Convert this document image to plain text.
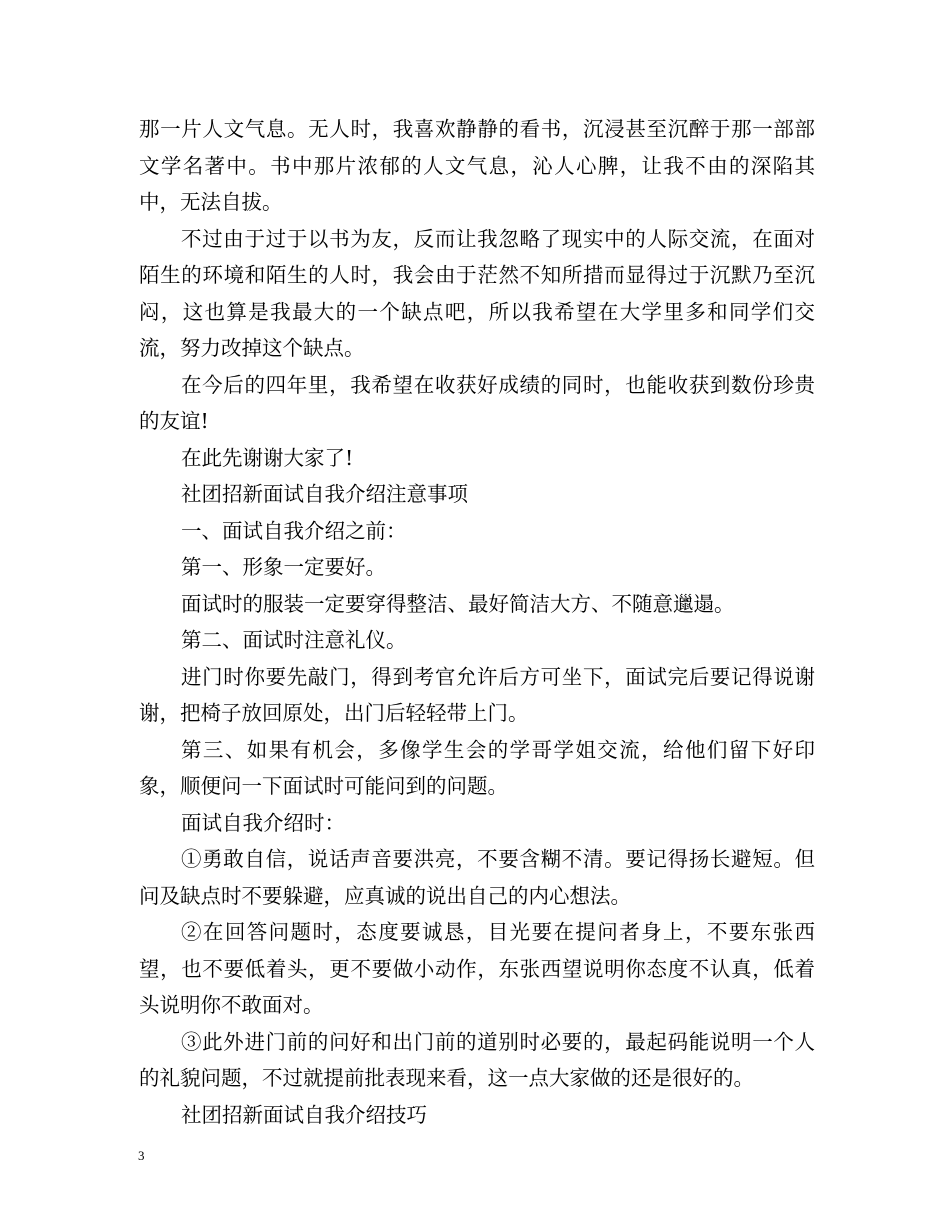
那一片人文气息。无人时，我喜欢静静的看书，沉浸甚至沉醉于那一部部文学名著中。书中那片浓郁的人文气息，沁人心脾，让我不由的深陷其中，无法自拔。

不过由于过于以书为友，反而让我忽略了现实中的人际交流，在面对陌生的环境和陌生的人时，我会由于茫然不知所措而显得过于沉默乃至沉闷，这也算是我最大的一个缺点吧，所以我希望在大学里多和同学们交流，努力改掉这个缺点。

在今后的四年里，我希望在收获好成绩的同时，也能收获到数份珍贵的友谊!

在此先谢谢大家了!

社团招新面试自我介绍注意事项

一、面试自我介绍之前：

第一、形象一定要好。

面试时的服装一定要穿得整洁、最好简洁大方、不随意邋遢。

第二、面试时注意礼仪。

进门时你要先敲门，得到考官允许后方可坐下，面试完后要记得说谢谢，把椅子放回原处，出门后轻轻带上门。

第三、如果有机会，多像学生会的学哥学姐交流，给他们留下好印象，顺便问一下面试时可能问到的问题。

面试自我介绍时：

①勇敢自信，说话声音要洪亮，不要含糊不清。要记得扬长避短。但问及缺点时不要躲避，应真诚的说出自己的内心想法。

②在回答问题时，态度要诚恳，目光要在提问者身上，不要东张西望，也不要低着头，更不要做小动作，东张西望说明你态度不认真，低着头说明你不敢面对。

③此外进门前的问好和出门前的道别时必要的，最起码能说明一个人的礼貌问题，不过就提前批表现来看，这一点大家做的还是很好的。

社团招新面试自我介绍技巧

3
